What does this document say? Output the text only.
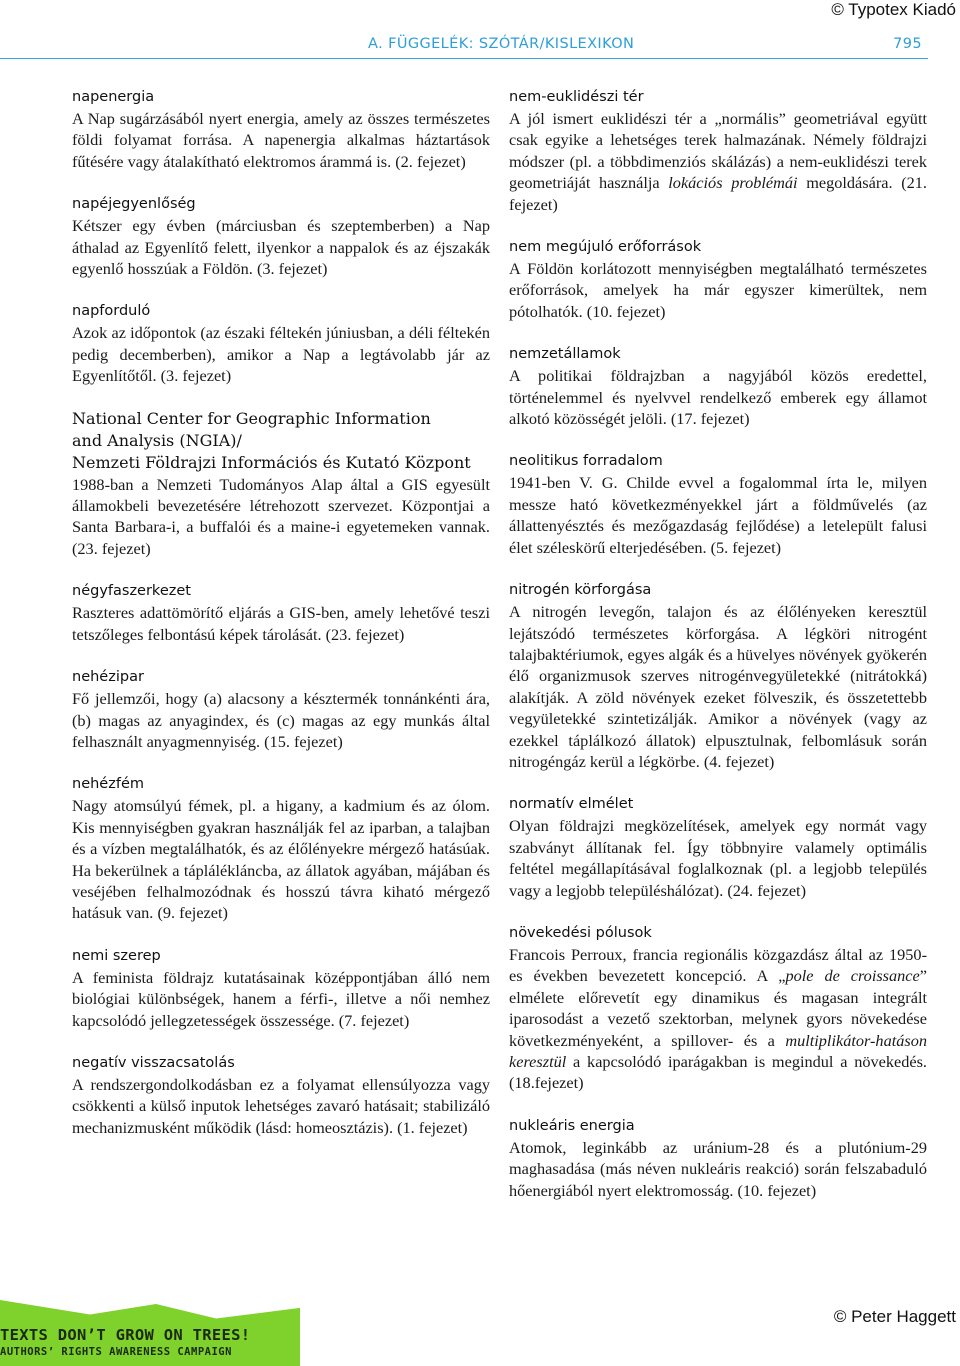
© Typotex Kiadó
A. FÜGGELÉK: SZÓTÁR/KISLEXIKON	795

napenergia

A Nap sugárzásából nyert energia, amely az összes természetes földi folyamat forrása. A napenergia alkalmas háztartások fűtésére vagy átalakítható elektromos árammá is. (2. fejezet)

napéjegyenlőség

Kétszer egy évben (márciusban és szeptemberben) a Nap áthalad az Egyenlítő felett, ilyenkor a nappalok és az éjszakák egyenlő hosszúak a Földön. (3. fejezet)

napforduló

Azok az időpontok (az északi féltekén júniusban, a déli féltekén pedig decemberben), amikor a Nap a legtávolabb jár az Egyenlítőtől. (3. fejezet)

National Center for Geographic Information

and Analysis (NGIA)/

Nemzeti Földrajzi Információs és Kutató Központ

1988-ban a Nemzeti Tudományos Alap által a GIS egyesült államokbeli bevezetésére létrehozott szervezet. Központjai a Santa Barbara-i, a buffalói és a maine-i egyetemeken vannak. (23. fejezet)

négyfaszerkezet

Raszteres adattömörítő eljárás a GIS-ben, amely lehetővé teszi tetszőleges felbontású képek tárolását. (23. fejezet)

nehézipar

Fő jellemzői, hogy (a) alacsony a késztermék tonnánkénti ára, (b) magas az anyagindex, és (c) magas az egy munkás által felhasznált anyagmennyiség. (15. fejezet)

nehézfém

Nagy atomsúlyú fémek, pl. a higany, a kadmium és az ólom. Kis mennyiségben gyakran használják fel az iparban, a talajban és a vízben megtalálhatók, és az élőlényekre mérgező hatásúak. Ha bekerülnek a táplálékláncba, az állatok agyában, májában és veséjében felhalmozódnak és hosszú távra kiható mérgező hatásuk van. (9. fejezet)

nemi szerep

A feminista földrajz kutatásainak középpontjában álló nem biológiai különbségek, hanem a férfi-, illetve a női nemhez kapcsolódó jellegzetességek összessége. (7. fejezet)

negatív visszacsatolás

A rendszergondolkodásban ez a folyamat ellensúlyozza vagy csökkenti a külső inputok lehetséges zavaró hatásait; stabilizáló mechanizmusként működik (lásd: homeosztázis). (1. fejezet)

nem-euklidészi tér

A jól ismert euklidészi tér a „normális” geometriával együtt csak egyike a lehetséges terek halmazának. Némely földrajzi módszer (pl. a többdimenziós skálázás) a nem-euklidészi terek geometriáját használja lokációs problémái megoldására. (21. fejezet)

nem megújuló erőforrások

A Földön korlátozott mennyiségben megtalálható természetes erőforrások, amelyek ha már egyszer kimerültek, nem pótolhatók. (10. fejezet)

nemzetállamok

A politikai földrajzban a nagyjából közös eredettel, történelemmel és nyelvvel rendelkező emberek egy államot alkotó közösségét jelöli. (17. fejezet)

neolitikus forradalom

1941-ben V. G. Childe evvel a fogalommal írta le, milyen messze ható következményekkel járt a földművelés (az állattenyésztés és mezőgazdaság fejlődése) a letelepült falusi élet széleskörű elterjedésében. (5. fejezet)

nitrogén körforgása

A nitrogén levegőn, talajon és az élőlényeken keresztül lejátszódó természetes körforgása. A légköri nitrogént talajbaktériumok, egyes algák és a hüvelyes növények gyökerén élő organizmusok szerves nitrogénvegyületekké (nitrátokká) alakítják. A zöld növények ezeket fölveszik, és összetettebb vegyületekké szintetizálják. Amikor a növények (vagy az ezekkel táplálkozó állatok) elpusztulnak, felbomlásuk során nitrogéngáz kerül a légkörbe. (4. fejezet)

normatív elmélet

Olyan földrajzi megközelítések, amelyek egy normát vagy szabványt állítanak fel. Így többnyire valamely optimális feltétel megállapításával foglalkoznak (pl. a legjobb település vagy a legjobb településhálózat). (24. fejezet)

növekedési pólusok

Francois Perroux, francia regionális közgazdász által az 1950-es években bevezetett koncepció. A „pole de croissance” elmélete előrevetít egy dinamikus és magasan integrált iparosodást a vezető szektorban, melynek gyors növekedése következményeként, a spillover- és a multiplikátor-hatáson keresztül a kapcsolódó iparágakban is megindul a növekedés. (18.fejezet)

nukleáris energia

Atomok, leginkább az uránium-28 és a plutónium-29 maghasadása (más néven nukleáris reakció) során felszabaduló hőenergiából nyert elektromosság. (10. fejezet)

TEXTS DON’T GROW ON TREES!
AUTHORS’ RIGHTS AWARENESS CAMPAIGN
© Peter Haggett
